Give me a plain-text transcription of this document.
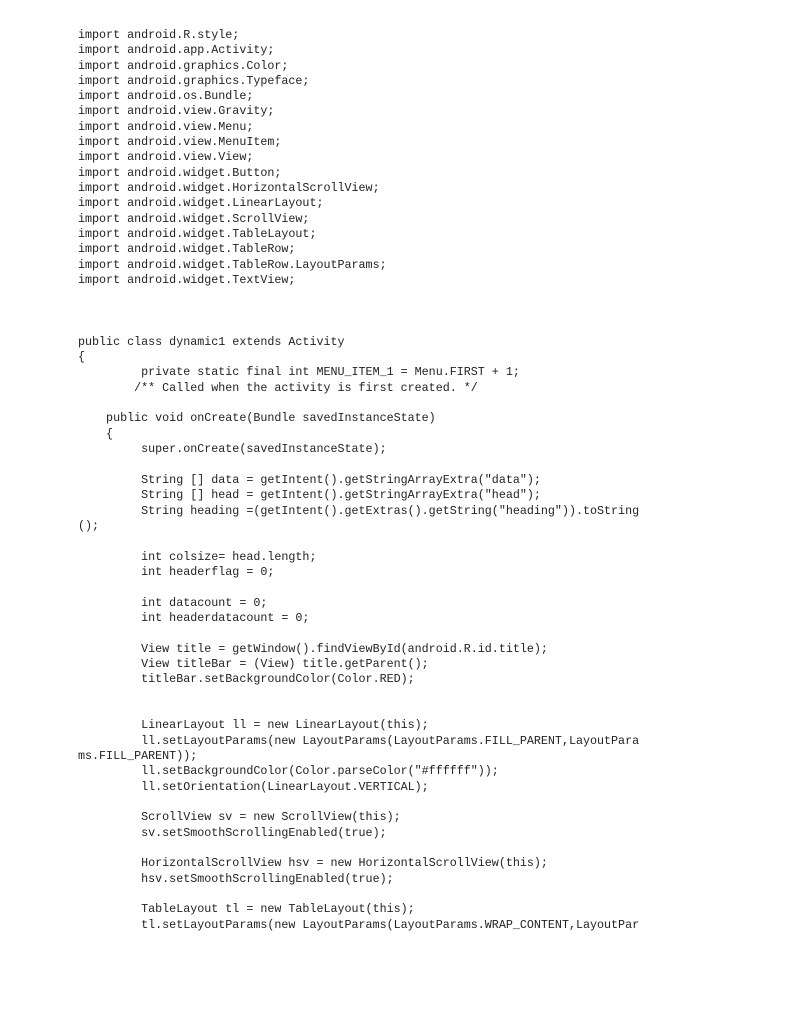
import android.R.style;
import android.app.Activity;
import android.graphics.Color;
import android.graphics.Typeface;
import android.os.Bundle;
import android.view.Gravity;
import android.view.Menu;
import android.view.MenuItem;
import android.view.View;
import android.widget.Button;
import android.widget.HorizontalScrollView;
import android.widget.LinearLayout;
import android.widget.ScrollView;
import android.widget.TableLayout;
import android.widget.TableRow;
import android.widget.TableRow.LayoutParams;
import android.widget.TextView;
public class dynamic1 extends Activity
{
private static final int MENU_ITEM_1 = Menu.FIRST + 1;
/** Called when the activity is first created. */
public void onCreate(Bundle savedInstanceState)
{
super.onCreate(savedInstanceState);
String [] data = getIntent().getStringArrayExtra("data");
String [] head = getIntent().getStringArrayExtra("head");
String heading =(getIntent().getExtras().getString("heading")).toString
();
int colsize= head.length;
int headerflag = 0;
int datacount = 0;
int headerdatacount = 0;
View title = getWindow().findViewById(android.R.id.title);
View titleBar = (View) title.getParent();
titleBar.setBackgroundColor(Color.RED);
LinearLayout ll = new LinearLayout(this);
ll.setLayoutParams(new LayoutParams(LayoutParams.FILL_PARENT,LayoutPara
ms.FILL_PARENT));
ll.setBackgroundColor(Color.parseColor("#ffffff"));
ll.setOrientation(LinearLayout.VERTICAL);
ScrollView sv = new ScrollView(this);
sv.setSmoothScrollingEnabled(true);
HorizontalScrollView hsv = new HorizontalScrollView(this);
hsv.setSmoothScrollingEnabled(true);
TableLayout tl = new TableLayout(this);
tl.setLayoutParams(new LayoutParams(LayoutParams.WRAP_CONTENT,LayoutPar
